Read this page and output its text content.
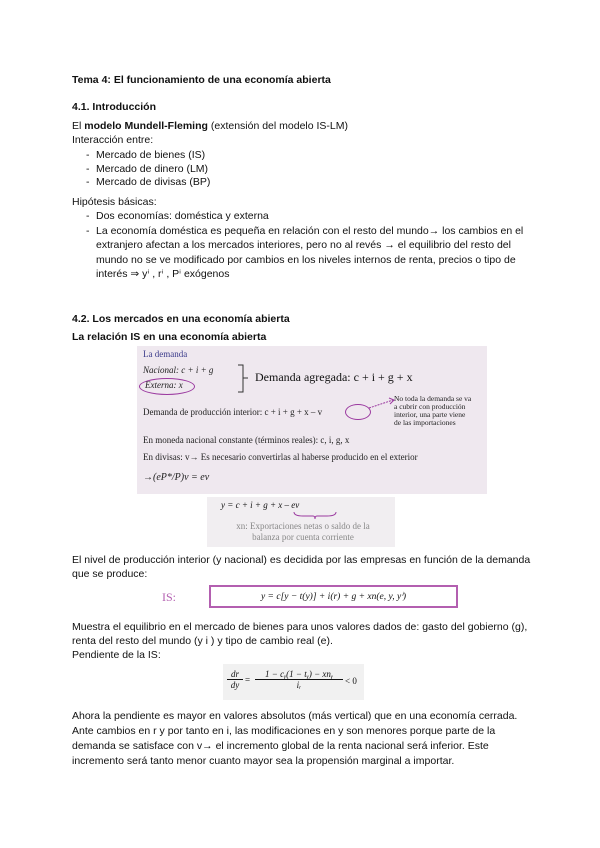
Tema 4: El funcionamiento de una economía abierta
4.1. Introducción
El modelo Mundell-Fleming (extensión del modelo IS-LM)
Interacción entre:
- Mercado de bienes (IS)
- Mercado de dinero (LM)
- Mercado de divisas (BP)
Hipótesis básicas:
- Dos economías: doméstica y externa
- La economía doméstica es pequeña en relación con el resto del mundo→ los cambios en el
extranjero afectan a los mercados interiores, pero no al revés → el equilibrio del resto del
mundo no se ve modificado por cambios en los niveles internos de renta, precios o tipo de
interés ⇒ yⁱ , rⁱ , Pⁱ exógenos
4.2. Los mercados en una economía abierta
La relación IS en una economía abierta
La demanda
Nacional: c + i + g
Externa: x
Demanda agregada: c + i + g + x
Demanda de producción interior: c + i + g + x – v
No toda la demanda se va
a cubrir con producción
interior, una parte viene
de las importaciones
En moneda nacional constante (términos reales): c, i, g, x
En divisas: v→ Es necesario convertirlas al haberse producido en el exterior
→(eP*/P)v = ev
y = c + i + g + x – ev
xn: Exportaciones netas o saldo de la
balanza por cuenta corriente
El nivel de producción interior (y nacional) es decidida por las empresas en función de la demanda
que se produce:
IS:	y = c[y − t(y)] + i(r) + g + xn(e, y, yⁱ)
Muestra el equilibrio en el mercado de bienes para unos valores dados de: gasto del gobierno (g),
renta del resto del mundo (y i ) y tipo de cambio real (e).
Pendiente de la IS:
$\frac{dr}{dy}$ =
1 − cᵧ(1 − tᵧ) − xnᵧ
iᵣ	< 0
Ahora la pendiente es mayor en valores absolutos (más vertical) que en una economía cerrada.
Ante cambios en r y por tanto en i, las modificaciones en y son menores porque parte de la
demanda se satisface con v→ el incremento global de la renta nacional será inferior. Este
incremento será tanto menor cuanto mayor sea la propensión marginal a importar.
